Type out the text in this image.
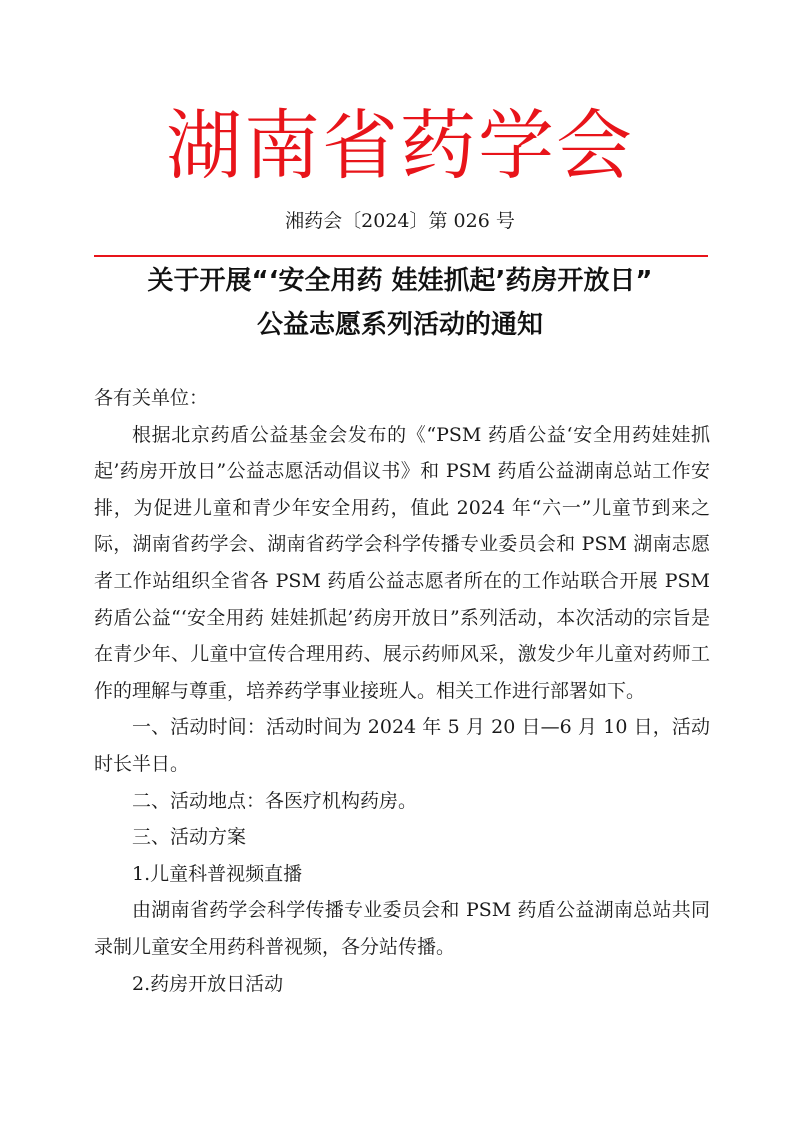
湖南省药学会
湘药会〔2024〕第 026 号
关于开展“‘安全用药 娃娃抓起’药房开放日”
公益志愿系列活动的通知

各有关单位：

根据北京药盾公益基金会发布的《“PSM 药盾公益‘安全用药娃娃抓起’药房开放日”公益志愿活动倡议书》和 PSM 药盾公益湖南总站工作安排，为促进儿童和青少年安全用药，值此 2024 年“六一”儿童节到来之际，湖南省药学会、湖南省药学会科学传播专业委员会和 PSM 湖南志愿者工作站组织全省各 PSM 药盾公益志愿者所在的工作站联合开展 PSM 药盾公益“‘安全用药 娃娃抓起’药房开放日”系列活动，本次活动的宗旨是在青少年、儿童中宣传合理用药、展示药师风采，激发少年儿童对药师工作的理解与尊重，培养药学事业接班人。相关工作进行部署如下。

一、活动时间：活动时间为 2024 年 5 月 20 日—6 月 10 日，活动时长半日。

二、活动地点：各医疗机构药房。

三、活动方案

1.儿童科普视频直播

由湖南省药学会科学传播专业委员会和 PSM 药盾公益湖南总站共同录制儿童安全用药科普视频，各分站传播。

2.药房开放日活动
